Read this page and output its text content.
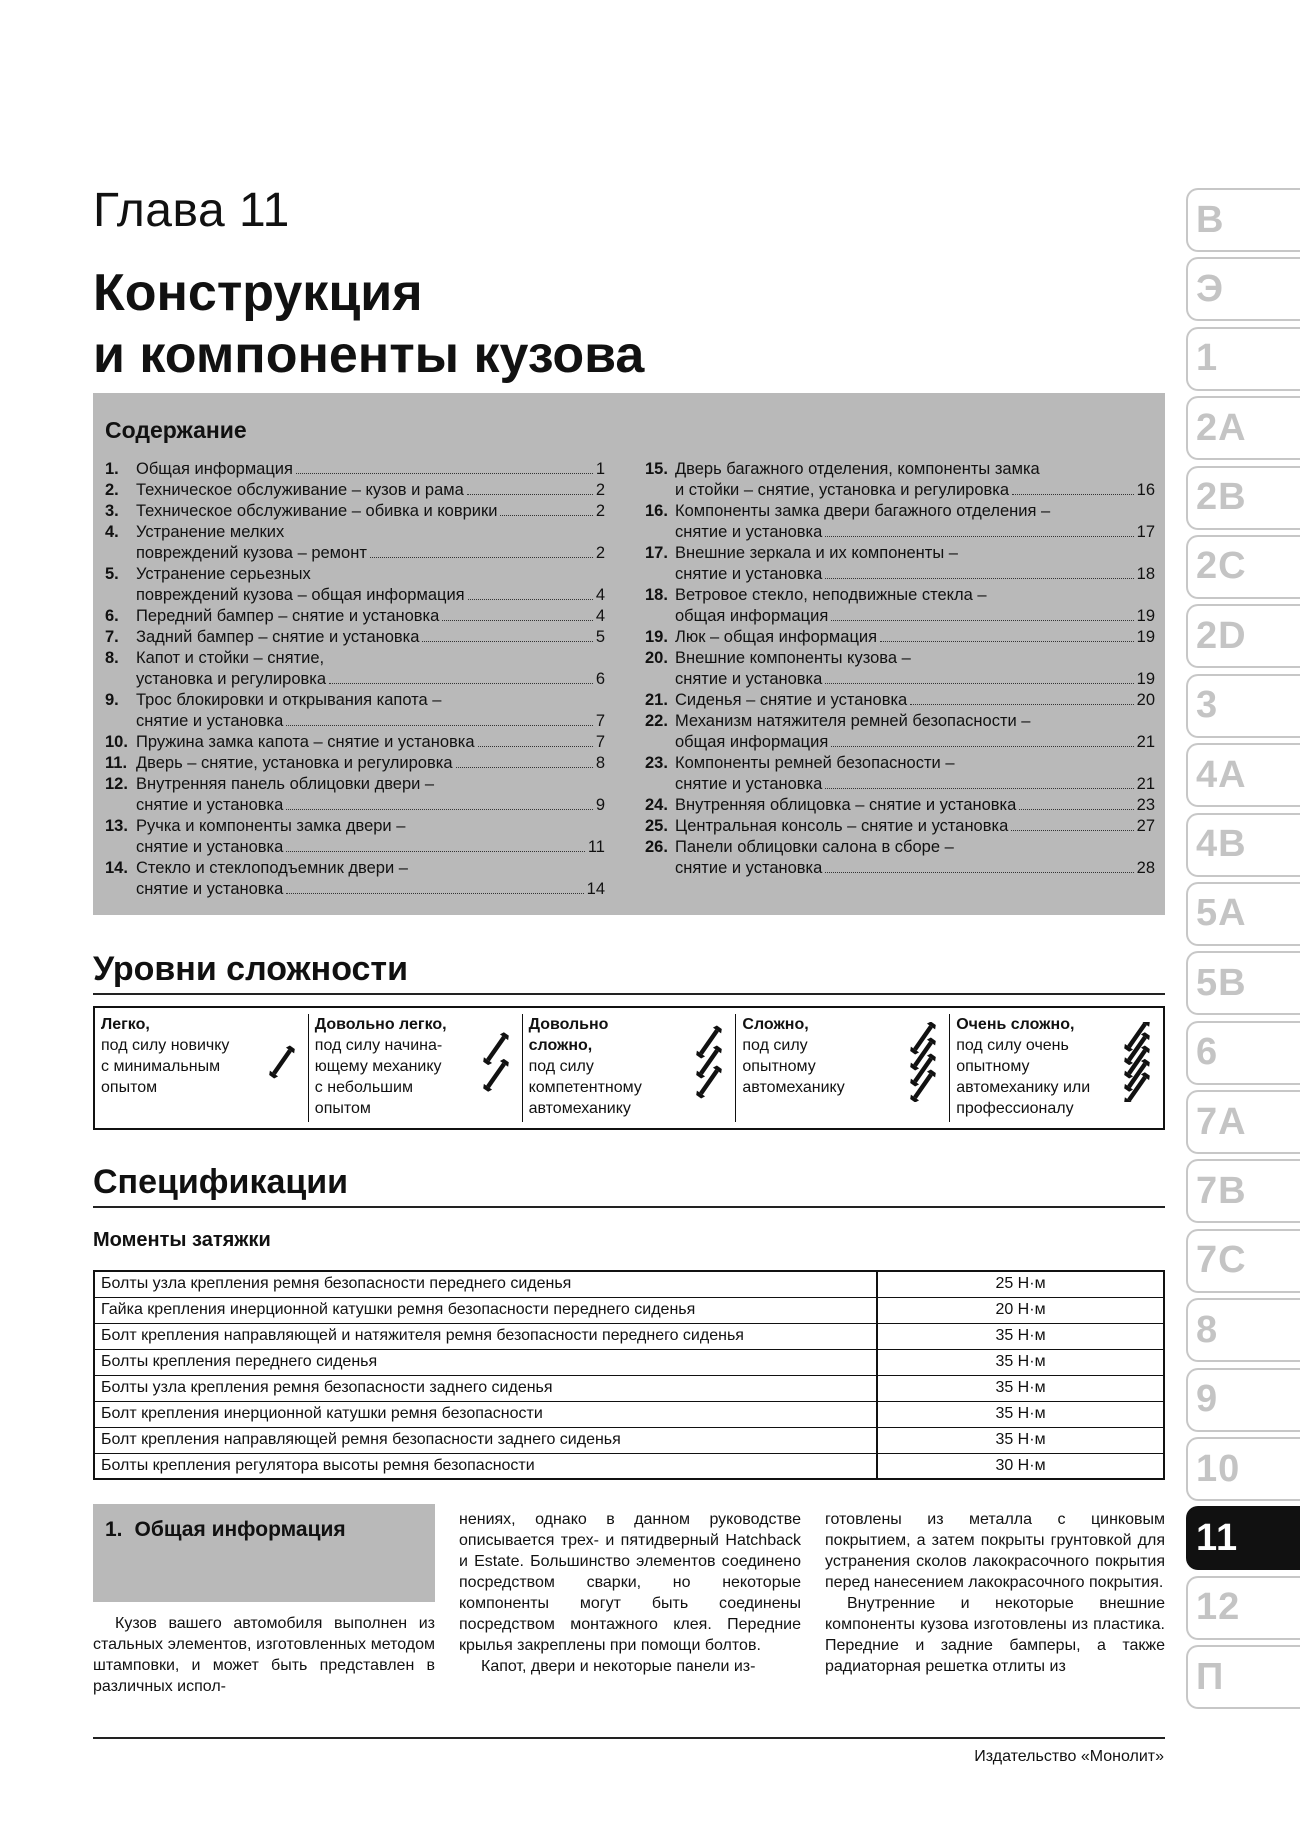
Глава 11
Конструкция
и компоненты кузова
Содержание
1.	Общая информация	1
2.	Техническое обслуживание – кузов и рама	2
3.	Техническое обслуживание – обивка и коврики	2
4.	Устранение мелких
повреждений кузова – ремонт	2
5.	Устранение серьезных
повреждений кузова – общая информация	4
6.	Передний бампер – снятие и установка	4
7.	Задний бампер – снятие и установка	5
8.	Капот и стойки – снятие,
установка и регулировка	6
9.	Трос блокировки и открывания капота –
снятие и установка	7
10. Пружина замка капота – снятие и установка	7
11. Дверь – снятие, установка и регулировка	8
12. Внутренняя панель облицовки двери –
снятие и установка	9
13. Ручка и компоненты замка двери –
снятие и установка	11
14. Стекло и стеклоподъемник двери –
снятие и установка	14
15. Дверь багажного отделения, компоненты замка
и стойки – снятие, установка и регулировка	16
16. Компоненты замка двери багажного отделения –
снятие и установка	17
17. Внешние зеркала и их компоненты –
снятие и установка	18
18. Ветровое стекло, неподвижные стекла –
общая информация	19
19. Люк – общая информация	19
20. Внешние компоненты кузова –
снятие и установка	19
21. Сиденья – снятие и установка	20
22. Механизм натяжителя ремней безопасности –
общая информация	21
23. Компоненты ремней безопасности –
снятие и установка	21
24. Внутренняя облицовка – снятие и установка	23
25. Центральная консоль – снятие и установка	27
26. Панели облицовки салона в сборе –
снятие и установка	28
Уровни сложности
Легко,
под силу новичку
с минимальным
опытом
Довольно легко,
под силу начина-
ющему механику
с небольшим
опытом
Довольно
сложно,
под силу
компетентному
автомеханику
Сложно,
под силу
опытному
автомеханику
Очень сложно,
под силу очень
опытному
автомеханику или
профессионалу
Спецификации
Моменты затяжки
Болты узла крепления ремня безопасности переднего сиденья	25 Н·м
Гайка крепления инерционной катушки ремня безопасности переднего сиденья	20 Н·м
Болт крепления направляющей и натяжителя ремня безопасности переднего сиденья	35 Н·м
Болты крепления переднего сиденья	35 Н·м
Болты узла крепления ремня безопасности заднего сиденья	35 Н·м
Болт крепления инерционной катушки ремня безопасности	35 Н·м
Болт крепления направляющей ремня безопасности заднего сиденья	35 Н·м
Болты крепления регулятора высоты ремня безопасности	30 Н·м
1. Общая информация

Кузов вашего автомобиля выполнен из стальных элементов, изготовленных методом штамповки, и может быть представлен в различных испол-

нениях, однако в данном руководстве описывается трех- и пятидверный Hatchback и Estate. Большинство элементов соединено посредством сварки, но некоторые компоненты могут быть соединены посредством монтажного клея. Передние крылья закреплены при помощи болтов.

Капот, двери и некоторые панели из-

готовлены из металла с цинковым покрытием, а затем покрыты грунтовкой для устранения сколов лакокрасочного покрытия перед нанесением лакокрасочного покрытия.

Внутренние и некоторые внешние компоненты кузова изготовлены из пластика. Передние и задние бамперы, а также радиаторная решетка отлиты из

Издательство «Монолит»
В
Э
1
2A
2B
2C
2D
3
4A
4B
5A
5B
6
7A
7B
7C
8
9
10
11
12
П
